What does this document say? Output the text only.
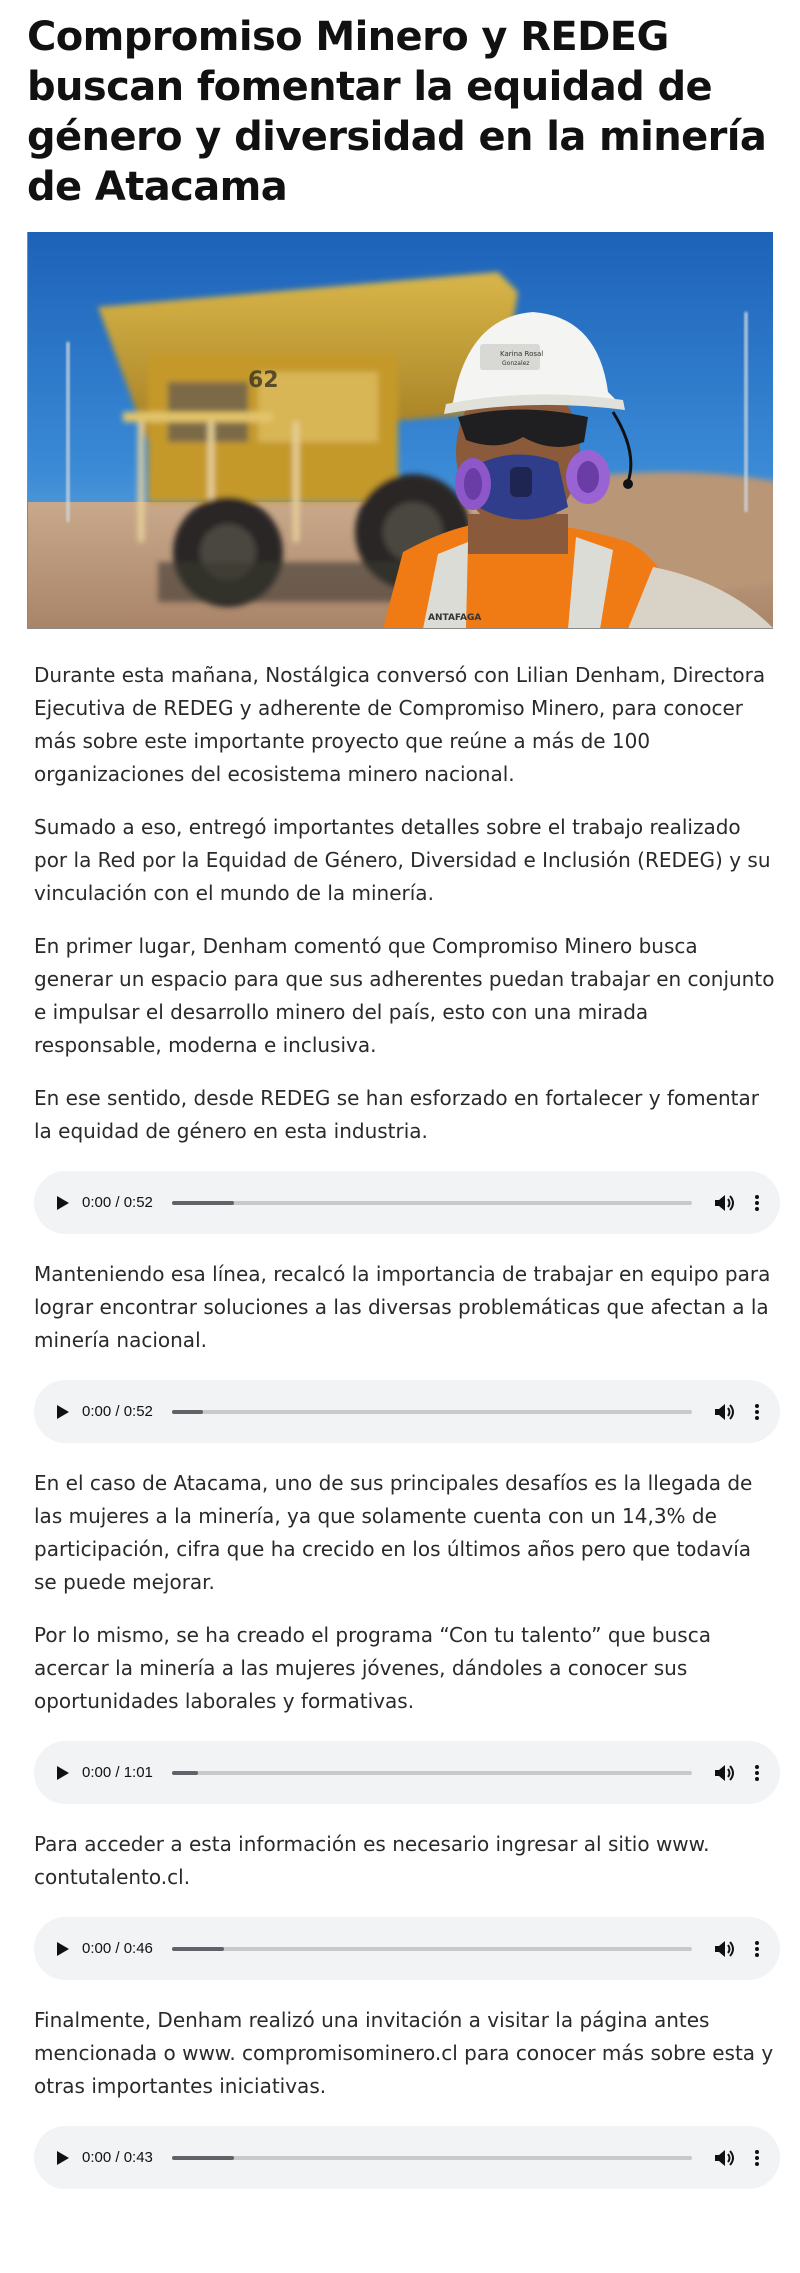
Compromiso Minero y REDEG buscan fomentar la equidad de género y diversidad en la minería de Atacama
62
Karina Rosal
Gonzalez
ANTAFAGA

Durante esta mañana, Nostálgica conversó con Lilian Denham, Directora Ejecutiva de REDEG y adherente de Compromiso Minero, para conocer más sobre este importante proyecto que reúne a más de 100 organizaciones del ecosistema minero nacional.

Sumado a eso, entregó importantes detalles sobre el trabajo realizado por la Red por la Equidad de Género, Diversidad e Inclusión (REDEG) y su vinculación con el mundo de la minería.

En primer lugar, Denham comentó que Compromiso Minero busca generar un espacio para que sus adherentes puedan trabajar en conjunto e impulsar el desarrollo minero del país, esto con una mirada responsable, moderna e inclusiva.

En ese sentido, desde REDEG se han esforzado en fortalecer y fomentar la equidad de género en esta industria.

0:00 / 0:52

Manteniendo esa línea, recalcó la importancia de trabajar en equipo para lograr encontrar soluciones a las diversas problemáticas que afectan a la minería nacional.

0:00 / 0:52

En el caso de Atacama, uno de sus principales desafíos es la llegada de las mujeres a la minería, ya que solamente cuenta con un 14,3% de participación, cifra que ha crecido en los últimos años pero que todavía se puede mejorar.

Por lo mismo, se ha creado el programa “Con tu talento” que busca acercar la minería a las mujeres jóvenes, dándoles a conocer sus oportunidades laborales y formativas.

0:00 / 1:01

Para acceder a esta información es necesario ingresar al sitio www. contutalento.cl.

0:00 / 0:46

Finalmente, Denham realizó una invitación a visitar la página antes mencionada o www. compromisominero.cl para conocer más sobre esta y otras importantes iniciativas.

0:00 / 0:43
